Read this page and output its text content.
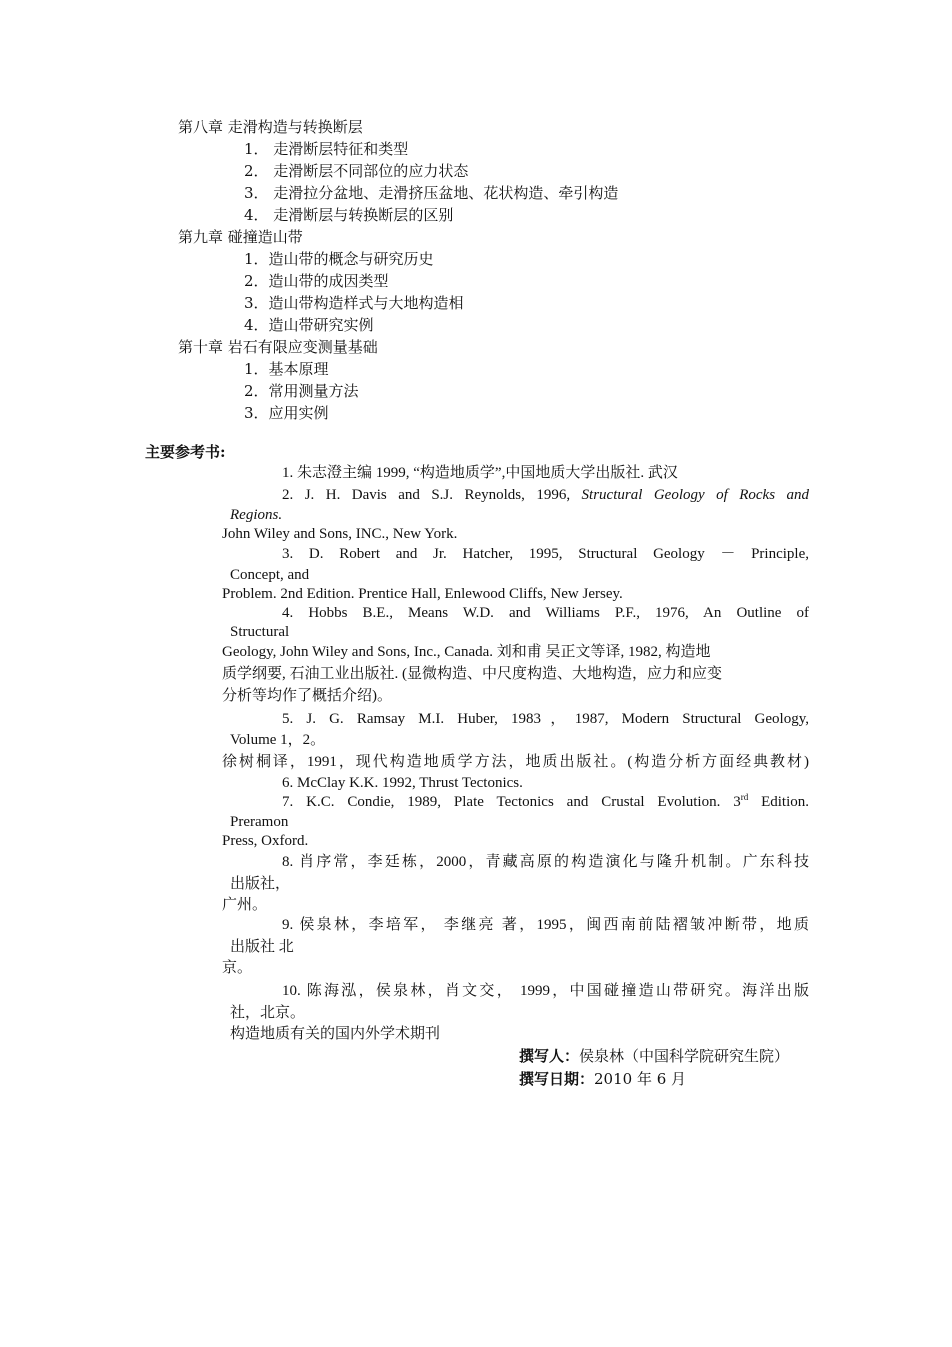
第八章 走滑构造与转换断层
1． 走滑断层特征和类型
2． 走滑断层不同部位的应力状态
3． 走滑拉分盆地、走滑挤压盆地、花状构造、牵引构造
4． 走滑断层与转换断层的区别
第九章 碰撞造山带
1．造山带的概念与研究历史
2．造山带的成因类型
3．造山带构造样式与大地构造相
4．造山带研究实例
第十章 岩石有限应变测量基础
1．基本原理
2．常用测量方法
3．应用实例
主要参考书:
1. 朱志澄主编 1999, “构造地质学”,中国地质大学出版社. 武汉
2. J. H. Davis and S.J. Reynolds, 1996, Structural Geology of Rocks and
Regions.
John Wiley and Sons, INC., New York.
3. D. Robert and Jr. Hatcher, 1995, Structural Geology － Principle,
Concept, and
Problem. 2nd Edition. Prentice Hall, Enlewood Cliffs, New Jersey.
4. Hobbs B.E., Means W.D. and Williams P.F., 1976, An Outline of
Structural
Geology, John Wiley and Sons, Inc., Canada. 刘和甫 吴正文等译, 1982, 构造地
质学纲要, 石油工业出版社. (显微构造、中尺度构造、大地构造，应力和应变
分析等均作了概括介绍)。
5. J. G. Ramsay M.I. Huber, 1983，1987, Modern Structural Geology,
Volume 1，2。
徐树桐译，1991，现代构造地质学方法，地质出版社。(构造分析方面经典教材)
6. McClay K.K. 1992, Thrust Tectonics.
7. K.C. Condie, 1989, Plate Tectonics and Crustal Evolution. 3rd Edition.
Preramon
Press, Oxford.
8. 肖序常，李廷栋，2000，青藏高原的构造演化与隆升机制。广东科技
出版社，
广州。
9. 侯泉林，李培军， 李继亮 著，1995，闽西南前陆褶皱冲断带，地质
出版社 北
京。
10. 陈海泓，侯泉林，肖文交， 1999，中国碰撞造山带研究。海洋出版
社，北京。
构造地质有关的国内外学术期刊
撰写人：侯泉林（中国科学院研究生院）
撰写日期：2010 年 6 月
